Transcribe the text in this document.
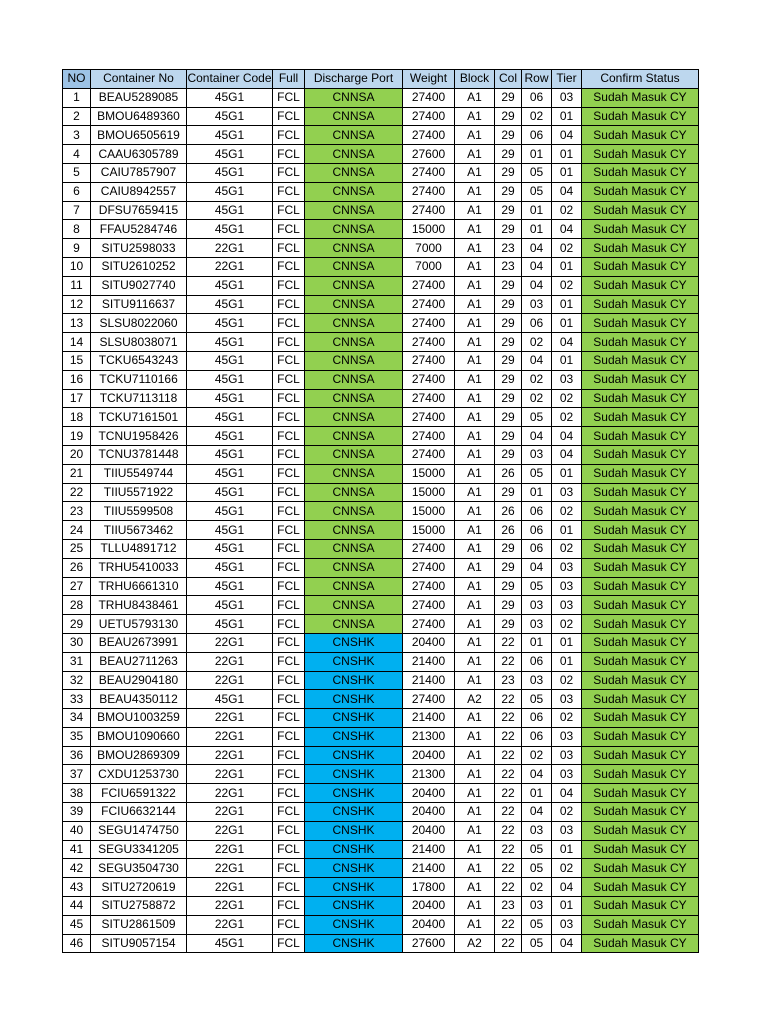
NO	Container No	Container Code	Full	Discharge Port	Weight	Block	Col	Row	Tier	Confirm Status
1	BEAU5289085	45G1	FCL	CNNSA	27400	A1	29	06	03	Sudah Masuk CY
2	BMOU6489360	45G1	FCL	CNNSA	27400	A1	29	02	01	Sudah Masuk CY
3	BMOU6505619	45G1	FCL	CNNSA	27400	A1	29	06	04	Sudah Masuk CY
4	CAAU6305789	45G1	FCL	CNNSA	27600	A1	29	01	01	Sudah Masuk CY
5	CAIU7857907	45G1	FCL	CNNSA	27400	A1	29	05	01	Sudah Masuk CY
6	CAIU8942557	45G1	FCL	CNNSA	27400	A1	29	05	04	Sudah Masuk CY
7	DFSU7659415	45G1	FCL	CNNSA	27400	A1	29	01	02	Sudah Masuk CY
8	FFAU5284746	45G1	FCL	CNNSA	15000	A1	29	01	04	Sudah Masuk CY
9	SITU2598033	22G1	FCL	CNNSA	7000	A1	23	04	02	Sudah Masuk CY
10	SITU2610252	22G1	FCL	CNNSA	7000	A1	23	04	01	Sudah Masuk CY
11	SITU9027740	45G1	FCL	CNNSA	27400	A1	29	04	02	Sudah Masuk CY
12	SITU9116637	45G1	FCL	CNNSA	27400	A1	29	03	01	Sudah Masuk CY
13	SLSU8022060	45G1	FCL	CNNSA	27400	A1	29	06	01	Sudah Masuk CY
14	SLSU8038071	45G1	FCL	CNNSA	27400	A1	29	02	04	Sudah Masuk CY
15	TCKU6543243	45G1	FCL	CNNSA	27400	A1	29	04	01	Sudah Masuk CY
16	TCKU7110166	45G1	FCL	CNNSA	27400	A1	29	02	03	Sudah Masuk CY
17	TCKU7113118	45G1	FCL	CNNSA	27400	A1	29	02	02	Sudah Masuk CY
18	TCKU7161501	45G1	FCL	CNNSA	27400	A1	29	05	02	Sudah Masuk CY
19	TCNU1958426	45G1	FCL	CNNSA	27400	A1	29	04	04	Sudah Masuk CY
20	TCNU3781448	45G1	FCL	CNNSA	27400	A1	29	03	04	Sudah Masuk CY
21	TIIU5549744	45G1	FCL	CNNSA	15000	A1	26	05	01	Sudah Masuk CY
22	TIIU5571922	45G1	FCL	CNNSA	15000	A1	29	01	03	Sudah Masuk CY
23	TIIU5599508	45G1	FCL	CNNSA	15000	A1	26	06	02	Sudah Masuk CY
24	TIIU5673462	45G1	FCL	CNNSA	15000	A1	26	06	01	Sudah Masuk CY
25	TLLU4891712	45G1	FCL	CNNSA	27400	A1	29	06	02	Sudah Masuk CY
26	TRHU5410033	45G1	FCL	CNNSA	27400	A1	29	04	03	Sudah Masuk CY
27	TRHU6661310	45G1	FCL	CNNSA	27400	A1	29	05	03	Sudah Masuk CY
28	TRHU8438461	45G1	FCL	CNNSA	27400	A1	29	03	03	Sudah Masuk CY
29	UETU5793130	45G1	FCL	CNNSA	27400	A1	29	03	02	Sudah Masuk CY
30	BEAU2673991	22G1	FCL	CNSHK	20400	A1	22	01	01	Sudah Masuk CY
31	BEAU2711263	22G1	FCL	CNSHK	21400	A1	22	06	01	Sudah Masuk CY
32	BEAU2904180	22G1	FCL	CNSHK	21400	A1	23	03	02	Sudah Masuk CY
33	BEAU4350112	45G1	FCL	CNSHK	27400	A2	22	05	03	Sudah Masuk CY
34	BMOU1003259	22G1	FCL	CNSHK	21400	A1	22	06	02	Sudah Masuk CY
35	BMOU1090660	22G1	FCL	CNSHK	21300	A1	22	06	03	Sudah Masuk CY
36	BMOU2869309	22G1	FCL	CNSHK	20400	A1	22	02	03	Sudah Masuk CY
37	CXDU1253730	22G1	FCL	CNSHK	21300	A1	22	04	03	Sudah Masuk CY
38	FCIU6591322	22G1	FCL	CNSHK	20400	A1	22	01	04	Sudah Masuk CY
39	FCIU6632144	22G1	FCL	CNSHK	20400	A1	22	04	02	Sudah Masuk CY
40	SEGU1474750	22G1	FCL	CNSHK	20400	A1	22	03	03	Sudah Masuk CY
41	SEGU3341205	22G1	FCL	CNSHK	21400	A1	22	05	01	Sudah Masuk CY
42	SEGU3504730	22G1	FCL	CNSHK	21400	A1	22	05	02	Sudah Masuk CY
43	SITU2720619	22G1	FCL	CNSHK	17800	A1	22	02	04	Sudah Masuk CY
44	SITU2758872	22G1	FCL	CNSHK	20400	A1	23	03	01	Sudah Masuk CY
45	SITU2861509	22G1	FCL	CNSHK	20400	A1	22	05	03	Sudah Masuk CY
46	SITU9057154	45G1	FCL	CNSHK	27600	A2	22	05	04	Sudah Masuk CY
